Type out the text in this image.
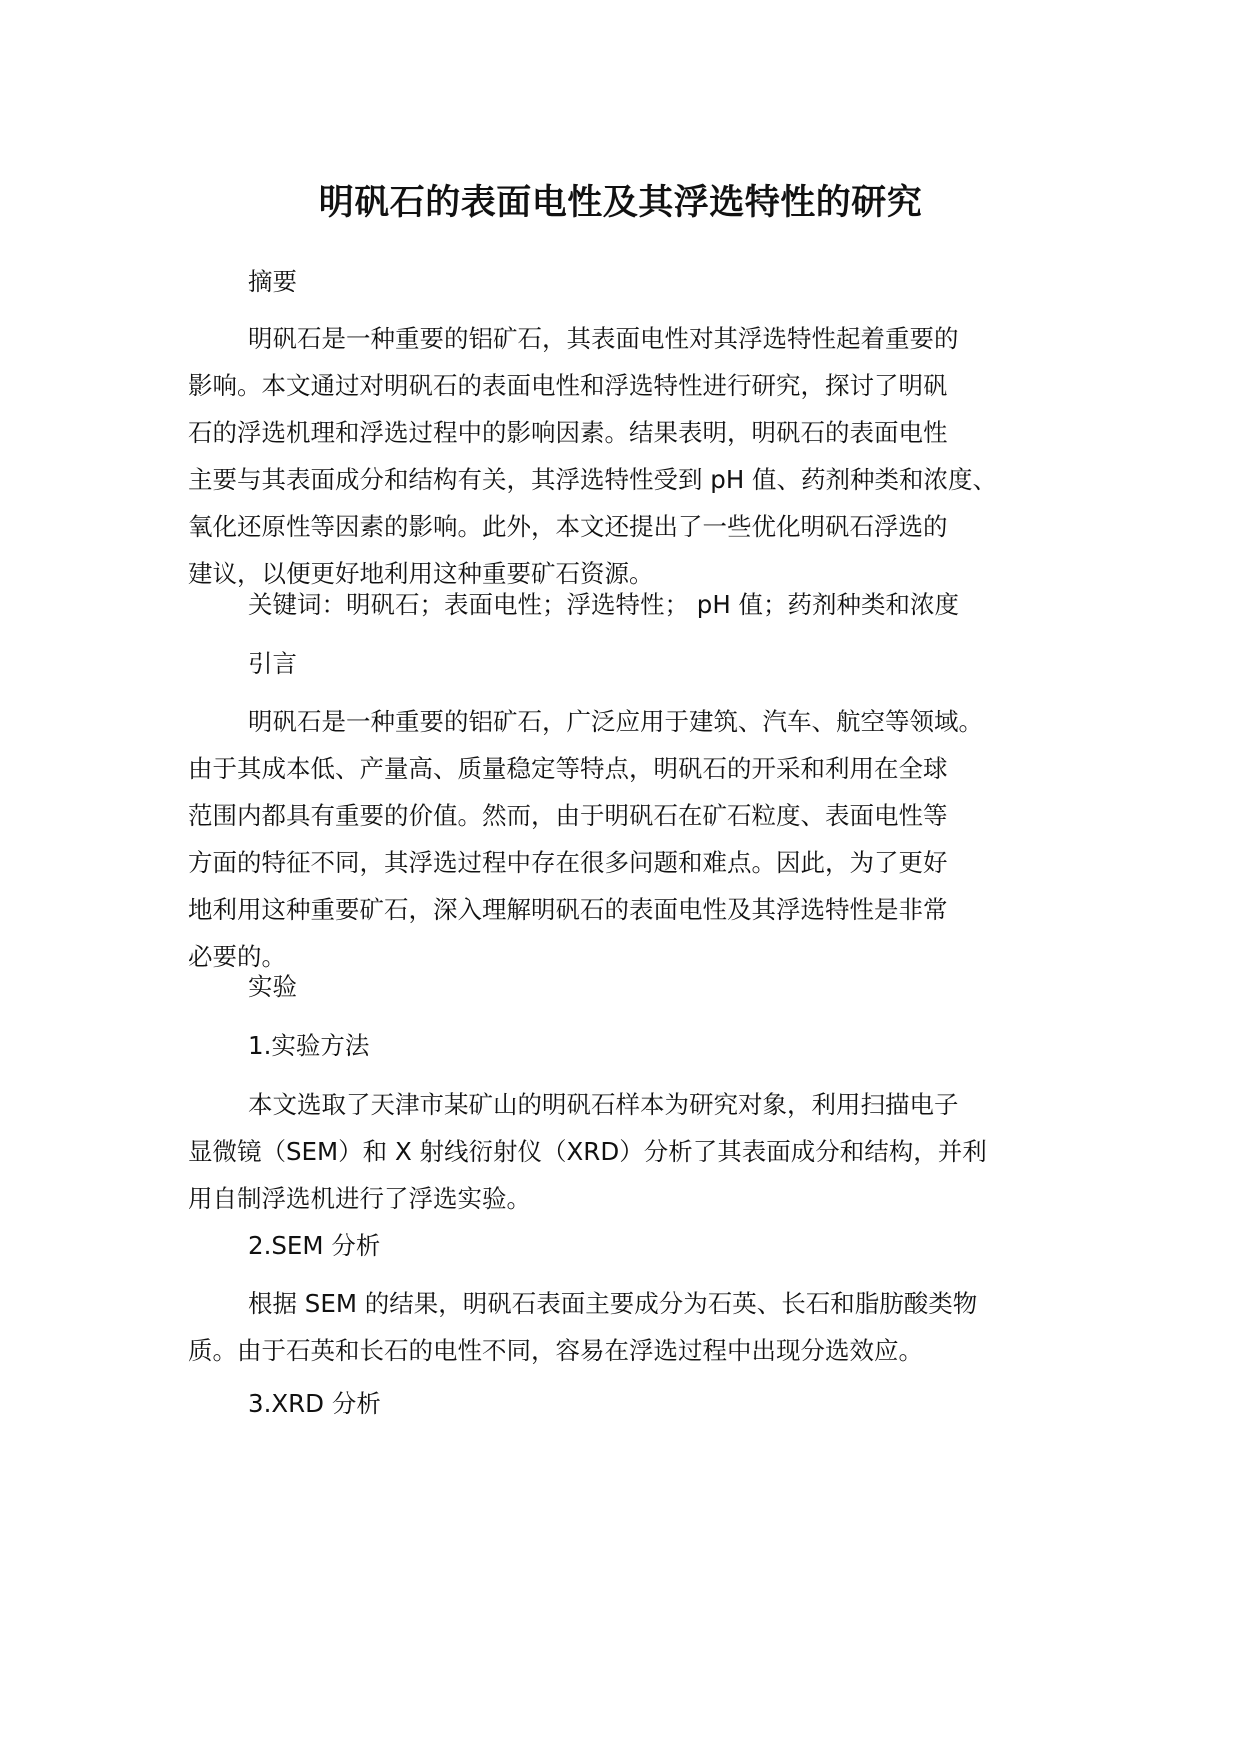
明矾石的表面电性及其浮选特性的研究
摘要
明矾石是一种重要的铝矿石，其表面电性对其浮选特性起着重要的
影响。本文通过对明矾石的表面电性和浮选特性进行研究，探讨了明矾
石的浮选机理和浮选过程中的影响因素。结果表明，明矾石的表面电性
主要与其表面成分和结构有关，其浮选特性受到 pH 值、药剂种类和浓度、
氧化还原性等因素的影响。此外，本文还提出了一些优化明矾石浮选的
建议，以便更好地利用这种重要矿石资源。
关键词：明矾石；表面电性；浮选特性； pH 值；药剂种类和浓度
引言
明矾石是一种重要的铝矿石，广泛应用于建筑、汽车、航空等领域。
由于其成本低、产量高、质量稳定等特点，明矾石的开采和利用在全球
范围内都具有重要的价值。然而，由于明矾石在矿石粒度、表面电性等
方面的特征不同，其浮选过程中存在很多问题和难点。因此，为了更好
地利用这种重要矿石，深入理解明矾石的表面电性及其浮选特性是非常
必要的。
实验
1.实验方法
本文选取了天津市某矿山的明矾石样本为研究对象，利用扫描电子
显微镜（SEM）和 X 射线衍射仪（XRD）分析了其表面成分和结构，并利
用自制浮选机进行了浮选实验。
2.SEM 分析
根据 SEM 的结果，明矾石表面主要成分为石英、长石和脂肪酸类物
质。由于石英和长石的电性不同，容易在浮选过程中出现分选效应。
3.XRD 分析
